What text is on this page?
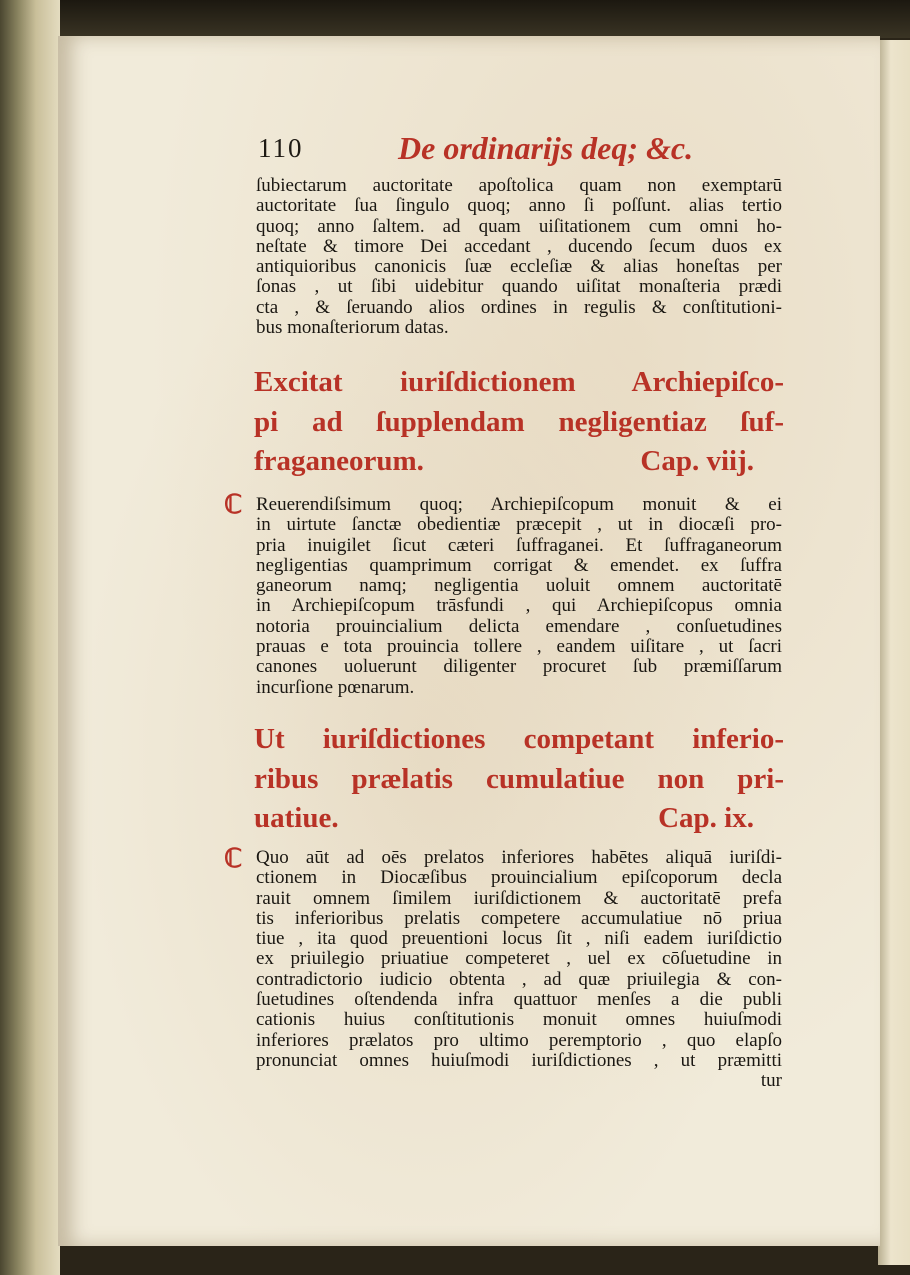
110	De ordinarijs deq; &c.
ſubiectarum auctoritate apoſtolica quam non exemptarū
auctoritate ſua ſingulo quoq; anno ſi poſſunt. alias tertio
quoq; anno ſaltem. ad quam uiſitationem cum omni ho-
neſtate & timore Dei accedant , ducendo ſecum duos ex
antiquioribus canonicis ſuæ eccleſiæ & alias honeſtas per
ſonas , ut ſibi uidebitur quando uiſitat monaſteria prædi
cta , & ſeruando alios ordines in regulis & conſtitutioni-
bus monaſteriorum datas.
Excitat iuriſdictionem Archiepiſco-
pi ad ſupplendam negligentiaz ſuf-
fraganeorum.	Cap. viij.
ℂ Reuerendiſsimum quoq; Archiepiſcopum monuit & ei
in uirtute ſanctæ obedientiæ præcepit , ut in diocæſi pro-
pria inuigilet ſicut cæteri ſuffraganei. Et ſuffraganeorum
negligentias quamprimum corrigat & emendet. ex ſuffra
ganeorum namq; negligentia uoluit omnem auctoritatē
in Archiepiſcopum trāsfundi , qui Archiepiſcopus omnia
notoria prouincialium delicta emendare , conſuetudines
prauas e tota prouincia tollere , eandem uiſitare , ut ſacri
canones uoluerunt diligenter procuret ſub præmiſſarum
incurſione pœnarum.
Ut iuriſdictiones competant inferio-
ribus prælatis cumulatiue non pri-
uatiue.	Cap. ix.
ℂ Quo aūt ad oēs prelatos inferiores habētes aliquā iuriſdi-
ctionem in Diocæſibus prouincialium epiſcoporum decla
rauit omnem ſimilem iuriſdictionem & auctoritatē prefa
tis inferioribus prelatis competere accumulatiue nō priua
tiue , ita quod preuentioni locus ſit , niſi eadem iuriſdictio
ex priuilegio priuatiue competeret , uel ex cōſuetudine in
contradictorio iudicio obtenta , ad quæ priuilegia & con-
ſuetudines oſtendenda infra quattuor menſes a die publi
cationis huius conſtitutionis monuit omnes huiuſmodi
inferiores prælatos pro ultimo peremptorio , quo elapſo
pronunciat omnes huiuſmodi iuriſdictiones , ut præmitti
tur
